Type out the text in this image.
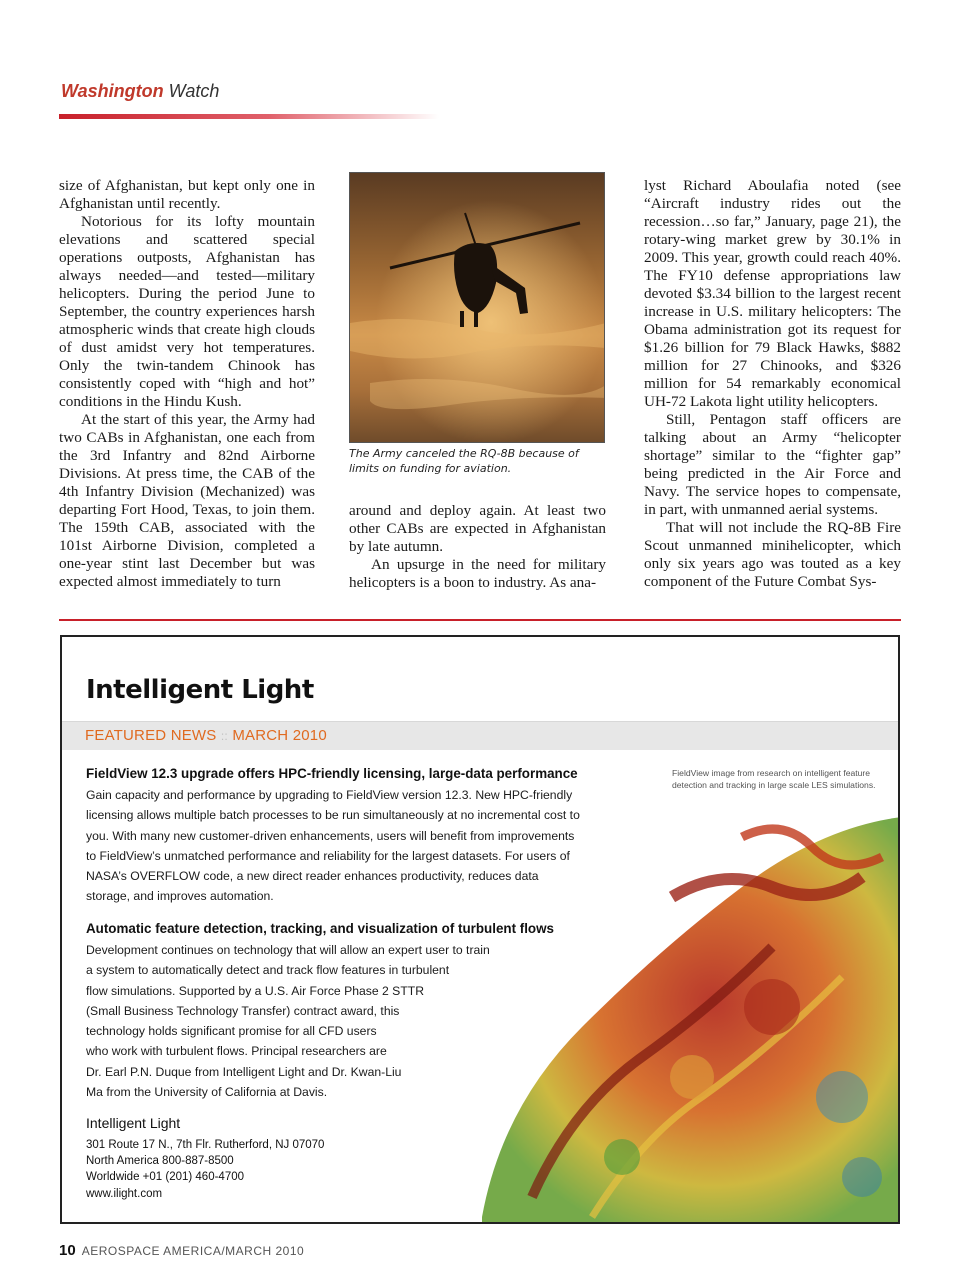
Washington Watch

size of Afghanistan, but kept only one in Afghanistan until recently.

Notorious for its lofty mountain elevations and scattered special operations outposts, Afghanistan has always needed—and tested—military helicopters. During the period June to September, the country experiences harsh atmospheric winds that create high clouds of dust amidst very hot temperatures. Only the twin-tandem Chinook has consistently coped with “high and hot” conditions in the Hindu Kush.

At the start of this year, the Army had two CABs in Afghanistan, one each from the 3rd Infantry and 82nd Airborne Divisions. At press time, the CAB of the 4th Infantry Division (Mechanized) was departing Fort Hood, Texas, to join them. The 159th CAB, associated with the 101st Airborne Division, completed a one-year stint last December but was expected almost immediately to turn

The Army canceled the RQ-8B because of limits on funding for aviation.

around and deploy again. At least two other CABs are expected in Afghanistan by late autumn.

An upsurge in the need for military helicopters is a boon to industry. As ana-

lyst Richard Aboulafia noted (see “Aircraft industry rides out the recession…so far,” January, page 21), the rotary-wing market grew by 30.1% in 2009. This year, growth could reach 40%. The FY10 defense appropriations law devoted $3.34 billion to the largest recent increase in U.S. military helicopters: The Obama administration got its request for $1.26 billion for 79 Black Hawks, $882 million for 27 Chinooks, and $326 million for 54 remarkably economical UH-72 Lakota light utility helicopters.

Still, Pentagon staff officers are talking about an Army “helicopter shortage” similar to the “fighter gap” being predicted in the Air Force and Navy. The service hopes to compensate, in part, with unmanned aerial systems.

That will not include the RQ-8B Fire Scout unmanned minihelicopter, which only six years ago was touted as a key component of the Future Combat Sys-

Intelligent Light
FEATURED NEWS :: MARCH 2010
FieldView 12.3 upgrade offers HPC-friendly licensing, large-data performance

Gain capacity and performance by upgrading to FieldView version 12.3. New HPC-friendly

licensing allows multiple batch processes to be run simultaneously at no incremental cost to

you. With many new customer-driven enhancements, users will benefit from improvements

to FieldView’s unmatched performance and reliability for the largest datasets. For users of

NASA’s OVERFLOW code, a new direct reader enhances productivity, reduces data

storage, and improves automation.

FieldView image from research on intelligent feature detection and tracking in large scale LES simulations.
Automatic feature detection, tracking, and visualization of turbulent flows

Development continues on technology that will allow an expert user to train

a system to automatically detect and track flow features in turbulent

flow simulations. Supported by a U.S. Air Force Phase 2 STTR

(Small Business Technology Transfer) contract award, this

technology holds significant promise for all CFD users

who work with turbulent flows. Principal researchers are

Dr. Earl P.N. Duque from Intelligent Light and Dr. Kwan-Liu

Ma from the University of California at Davis.

Intelligent Light

301 Route 17 N., 7th Flr. Rutherford, NJ 07070

North America 800-887-8500

Worldwide +01 (201) 460-4700

www.ilight.com

10 AEROSPACE AMERICA/MARCH 2010
